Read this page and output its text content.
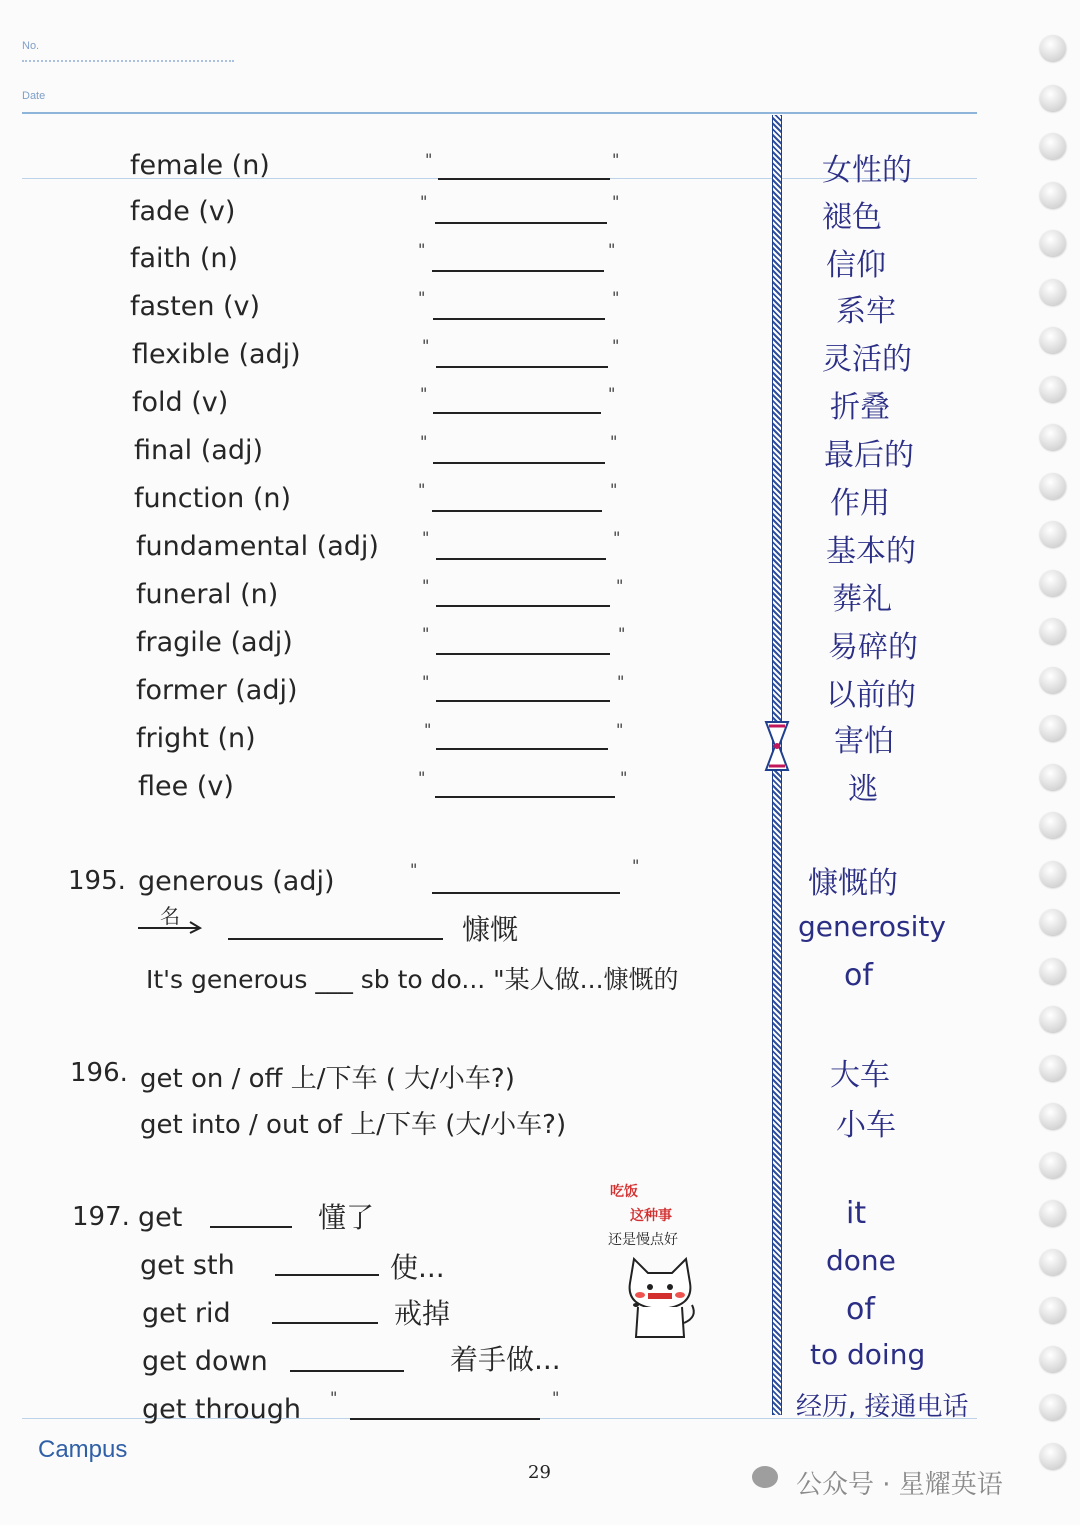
No.
Date
female (n)	"	"	女性的
fade (v)	"	"	褪色
faith (n)	"	"	信仰
fasten (v)	"	"	系牢
flexible (adj)	"	"	灵活的
fold (v)	"	"	折叠
final (adj)	"	"	最后的
function (n)	"	"	作用
fundamental (adj)	"	"	基本的
funeral (n)	"	"	葬礼
fragile (adj)	"	"	易碎的
former (adj)	"	"	以前的
fright (n)	"	"	害怕
flee (v)	"	"	逃
195. generous (adj)	"	"
名	慷慨
It's generous ___ sb to do... "某人做...慷慨的
慷慨的
generosity
of
196. get on / off 上/下车 ( 大/小车?)
get into / out of 上/下车 (大/小车?)
大车
小车
197. get	懂了	it
get sth	使...	done
get rid	戒掉	of
get down	着手做...	to doing
get through "	"	经历, 接通电话
吃饭
这种事
还是慢点好
Campus
29	公众号 · 星耀英语
